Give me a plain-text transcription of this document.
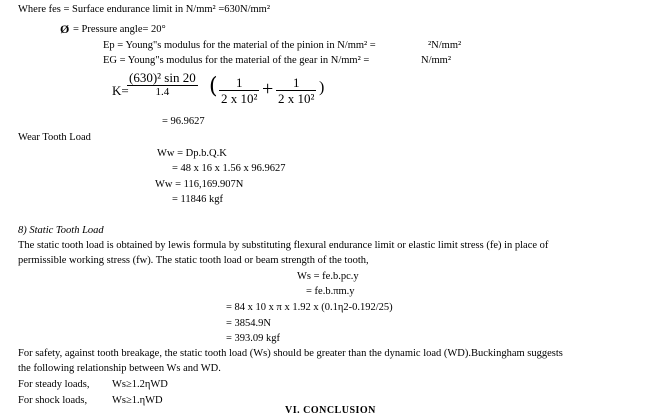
Where fes = Surface endurance limit in N/mm² =630N/mm²
Ø = Pressure angle= 20°
Ep = Young"s modulus for the material of the pinion in N/mm² =	²N/mm²
EG = Young"s modulus for the material of the gear in N/mm² =	N/mm²
K=
(630)² sin 20
1.4	(	1
2 x 10² +	1
2 x 10²
)
= 96.9627
Wear Tooth Load
Ww = Dp.b.Q.K
= 48 x 16 x 1.56 x 96.9627
Ww = 116,169.907N
= 11846 kgf
8) Static Tooth Load
The static tooth load is obtained by lewis formula by substituting flexural endurance limit or elastic limit stress (fe) in place of
permissible working stress (fw). The static tooth load or beam strength of the tooth,
Ws = fe.b.pc.y
= fe.b.πm.y
= 84 x 10 x π x 1.92 x (0.1η2-0.192/25)
= 3854.9N
= 393.09 kgf
For safety, against tooth breakage, the static tooth load (Ws) should be greater than the dynamic load (WD).Buckingham suggests
the following relationship between Ws and WD.
For steady loads, Ws≥1.2ηWD
For shock loads, Ws≥1.ηWD
VI. CONCLUSION
